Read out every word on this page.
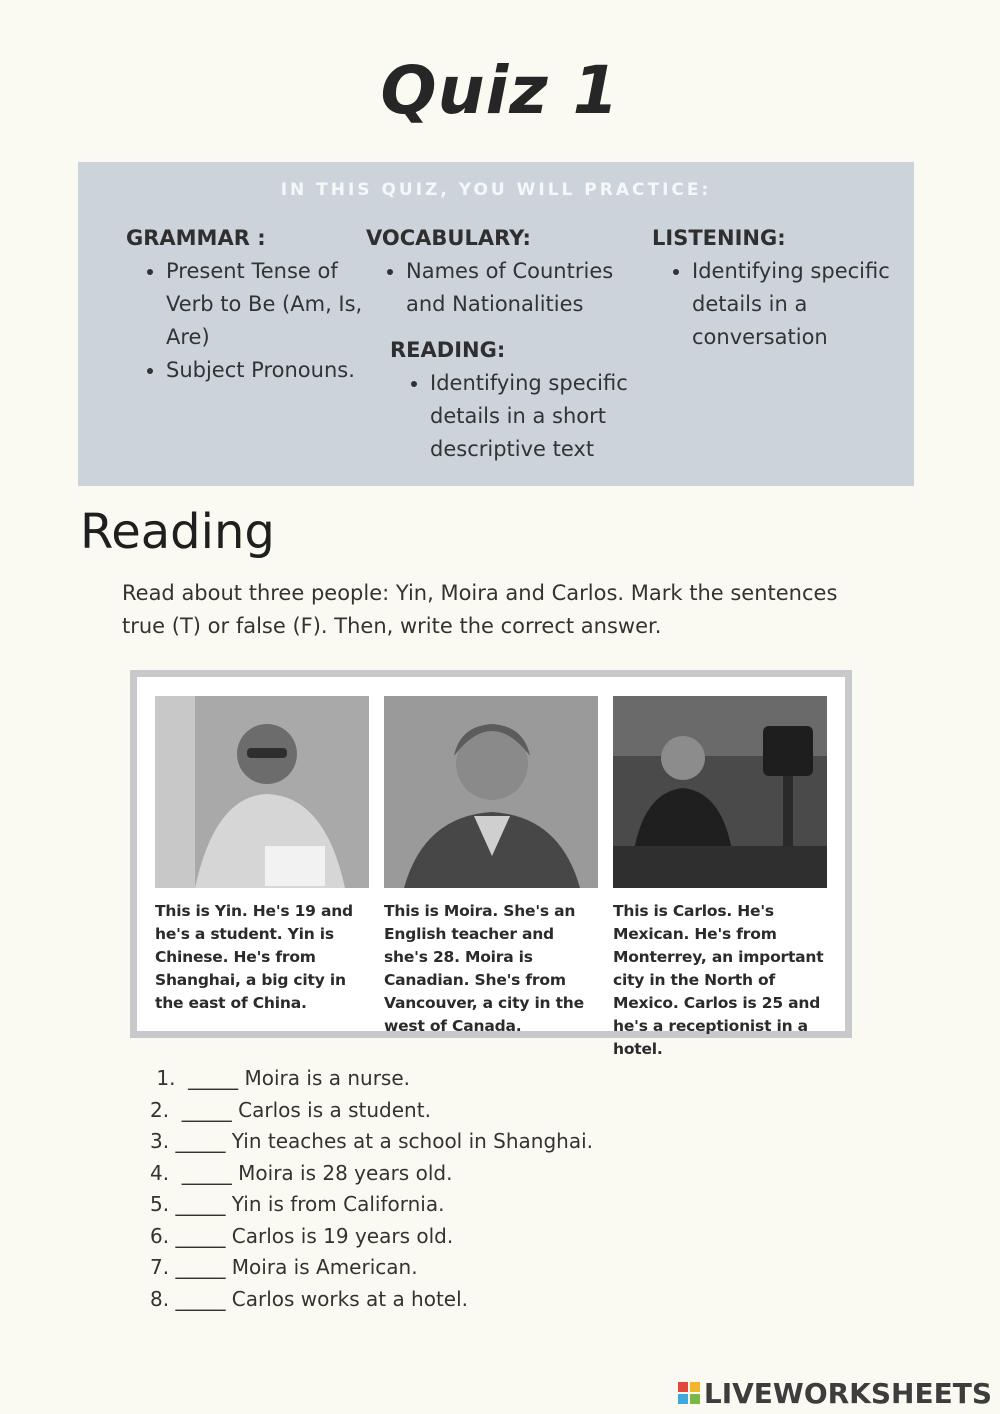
Quiz 1
IN THIS QUIZ, YOU WILL PRACTICE:
GRAMMAR :
• Present Tense of Verb to Be (Am, Is, Are)
• Subject Pronouns.
VOCABULARY:
• Names of Countries and Nationalities
READING:
• Identifying specific details in a short descriptive text
LISTENING:
• Identifying specific details in a conversation
Reading

Read about three people: Yin, Moira and Carlos. Mark the sentences true (T) or false (F). Then, write the correct answer.

This is Yin. He's 19 and he's a student. Yin is Chinese. He's from Shanghai, a big city in the east of China.
This is Moira. She's an English teacher and she's 28. Moira is Canadian. She's from Vancouver, a city in the west of Canada.
This is Carlos. He's Mexican. He's from Monterrey, an important city in the North of Mexico. Carlos is 25 and he's a receptionist in a hotel.
1.  _____ Moira is a nurse.
2.  _____ Carlos is a student.
3. _____ Yin teaches at a school in Shanghai.
4.  _____ Moira is 28 years old.
5. _____ Yin is from California.
6. _____ Carlos is 19 years old.
7. _____ Moira is American.
8. _____ Carlos works at a hotel.
LIVEWORKSHEETS
